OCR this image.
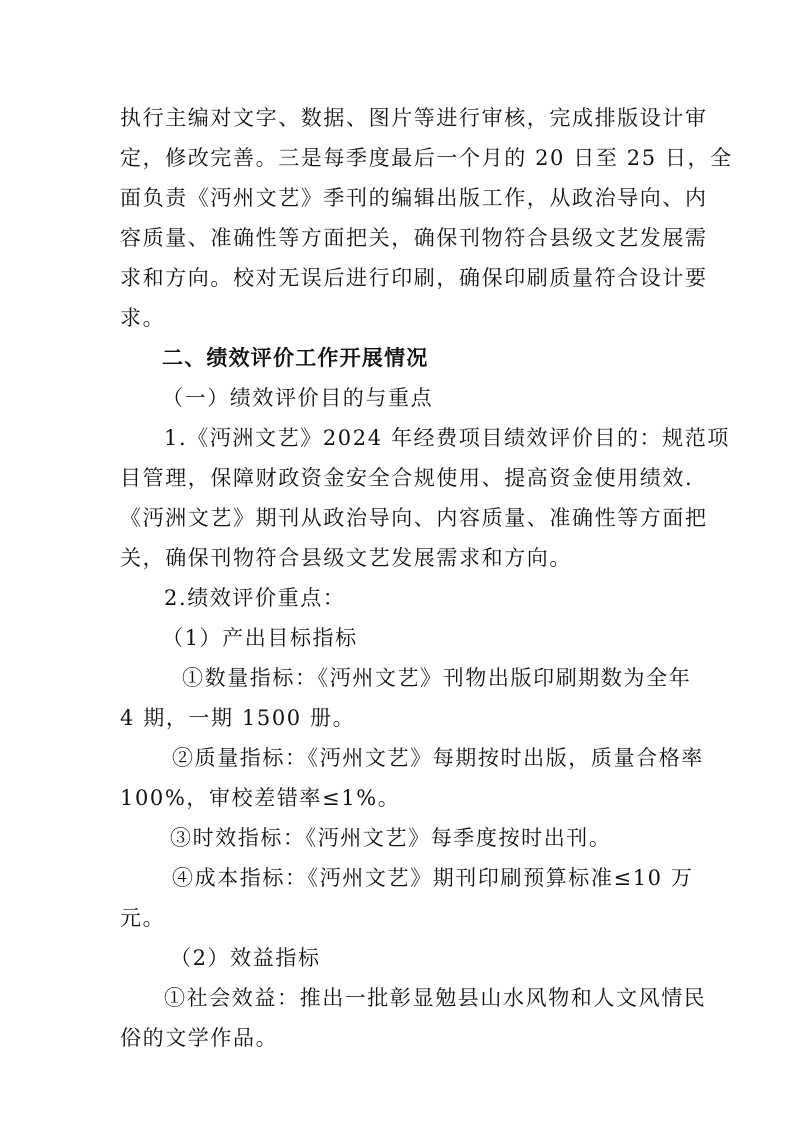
执行主编对文字、数据、图片等进行审核，完成排版设计审
定，修改完善。三是每季度最后一个月的 20 日至 25 日，全
面负责《沔州文艺》季刊的编辑出版工作，从政治导向、内
容质量、准确性等方面把关，确保刊物符合县级文艺发展需
求和方向。校对无误后进行印刷，确保印刷质量符合设计要
求。
二、绩效评价工作开展情况
（一）绩效评价目的与重点
1.《沔洲文艺》2024 年经费项目绩效评价目的：规范项
目管理，保障财政资金安全合规使用、提高资金使用绩效.
《沔洲文艺》期刊从政治导向、内容质量、准确性等方面把
关，确保刊物符合县级文艺发展需求和方向。
2.绩效评价重点：
（1）产出目标指标
①数量指标：《沔州文艺》刊物出版印刷期数为全年
4 期，一期 1500 册。
②质量指标：《沔州文艺》每期按时出版，质量合格率
100%，审校差错率≤1%。
③时效指标：《沔州文艺》每季度按时出刊。
④成本指标：《沔州文艺》期刊印刷预算标准≤10 万
元。
（2）效益指标
①社会效益：推出一批彰显勉县山水风物和人文风情民
俗的文学作品。
